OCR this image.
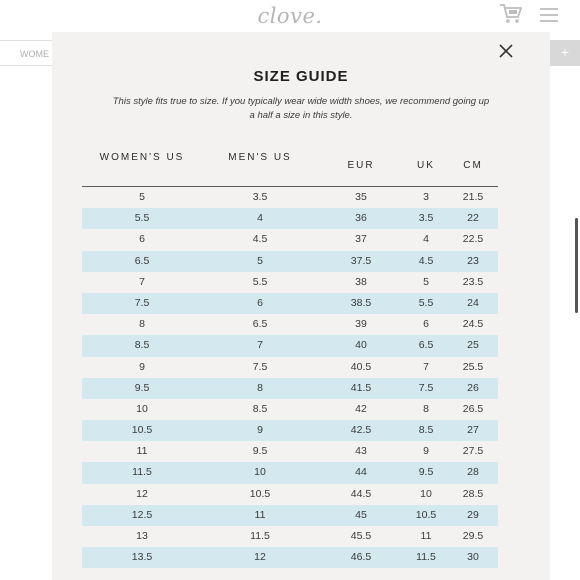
clove.
WOME	+
SIZE GUIDE
This style fits true to size. If you typically wear wide width shoes, we recommend going up a half a size in this style.
WOMEN'S US	MEN'S US
EUR	UK	CM
5	3.5	35	3	21.5
5.5	4	36	3.5	22
6	4.5	37	4	22.5
6.5	5	37.5	4.5	23
7	5.5	38	5	23.5
7.5	6	38.5	5.5	24
8	6.5	39	6	24.5
8.5	7	40	6.5	25
9	7.5	40.5	7	25.5
9.5	8	41.5	7.5	26
10	8.5	42	8	26.5
10.5	9	42.5	8.5	27
11	9.5	43	9	27.5
11.5	10	44	9.5	28
12	10.5	44.5	10	28.5
12.5	11	45	10.5	29
13	11.5	45.5	11	29.5
13.5	12	46.5	11.5	30
